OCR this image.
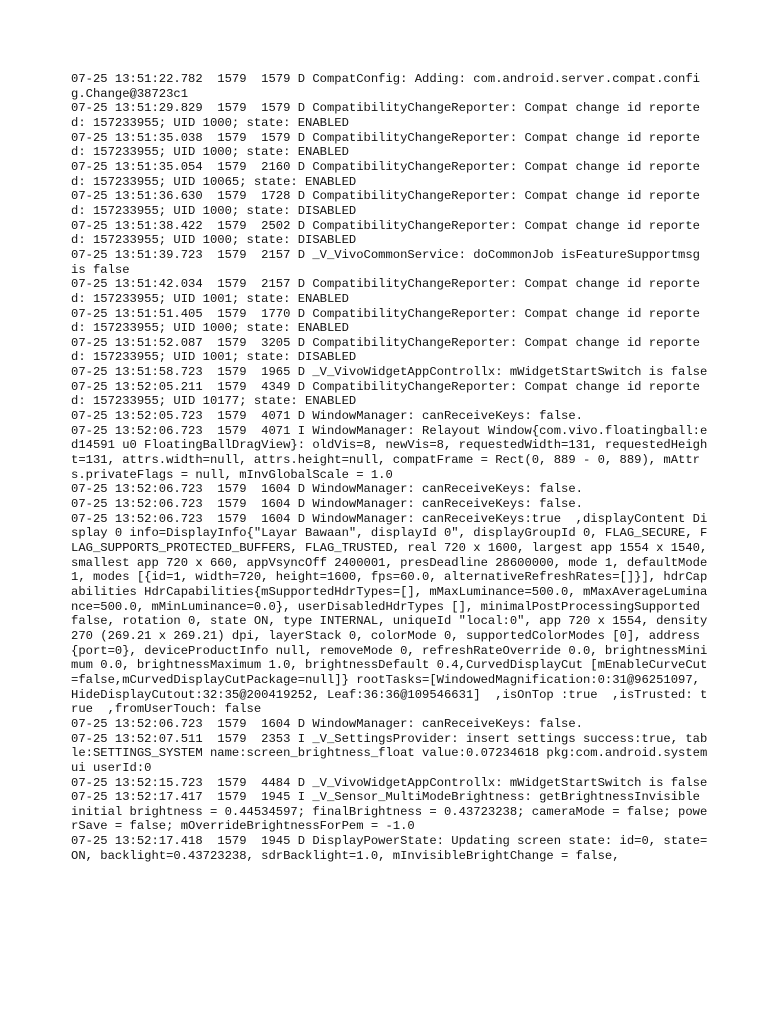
07-25 13:51:22.782  1579  1579 D CompatConfig: Adding: com.android.server.compat.config.Change@38723c1
07-25 13:51:29.829  1579  1579 D CompatibilityChangeReporter: Compat change id reported: 157233955; UID 1000; state: ENABLED
07-25 13:51:35.038  1579  1579 D CompatibilityChangeReporter: Compat change id reported: 157233955; UID 1000; state: ENABLED
07-25 13:51:35.054  1579  2160 D CompatibilityChangeReporter: Compat change id reported: 157233955; UID 10065; state: ENABLED
07-25 13:51:36.630  1579  1728 D CompatibilityChangeReporter: Compat change id reported: 157233955; UID 1000; state: DISABLED
07-25 13:51:38.422  1579  2502 D CompatibilityChangeReporter: Compat change id reported: 157233955; UID 1000; state: DISABLED
07-25 13:51:39.723  1579  2157 D _V_VivoCommonService: doCommonJob isFeatureSupportmsg is false
07-25 13:51:42.034  1579  2157 D CompatibilityChangeReporter: Compat change id reported: 157233955; UID 1001; state: ENABLED
07-25 13:51:51.405  1579  1770 D CompatibilityChangeReporter: Compat change id reported: 157233955; UID 1000; state: ENABLED
07-25 13:51:52.087  1579  3205 D CompatibilityChangeReporter: Compat change id reported: 157233955; UID 1001; state: DISABLED
07-25 13:51:58.723  1579  1965 D _V_VivoWidgetAppControllx: mWidgetStartSwitch is false
07-25 13:52:05.211  1579  4349 D CompatibilityChangeReporter: Compat change id reported: 157233955; UID 10177; state: ENABLED
07-25 13:52:05.723  1579  4071 D WindowManager: canReceiveKeys: false.
07-25 13:52:06.723  1579  4071 I WindowManager: Relayout Window{com.vivo.floatingball:ed14591 u0 FloatingBallDragView}: oldVis=8, newVis=8, requestedWidth=131, requestedHeight=131, attrs.width=null, attrs.height=null, compatFrame = Rect(0, 889 - 0, 889), mAttrs.privateFlags = null, mInvGlobalScale = 1.0
07-25 13:52:06.723  1579  1604 D WindowManager: canReceiveKeys: false.
07-25 13:52:06.723  1579  1604 D WindowManager: canReceiveKeys: false.
07-25 13:52:06.723  1579  1604 D WindowManager: canReceiveKeys:true  ,displayContent Display 0 info=DisplayInfo{"Layar Bawaan", displayId 0", displayGroupId 0, FLAG_SECURE, FLAG_SUPPORTS_PROTECTED_BUFFERS, FLAG_TRUSTED, real 720 x 1600, largest app 1554 x 1540, smallest app 720 x 660, appVsyncOff 2400001, presDeadline 28600000, mode 1, defaultMode 1, modes [{id=1, width=720, height=1600, fps=60.0, alternativeRefreshRates=[]}], hdrCapabilities HdrCapabilities{mSupportedHdrTypes=[], mMaxLuminance=500.0, mMaxAverageLuminance=500.0, mMinLuminance=0.0}, userDisabledHdrTypes [], minimalPostProcessingSupported false, rotation 0, state ON, type INTERNAL, uniqueId "local:0", app 720 x 1554, density 270 (269.21 x 269.21) dpi, layerStack 0, colorMode 0, supportedColorModes [0], address {port=0}, deviceProductInfo null, removeMode 0, refreshRateOverride 0.0, brightnessMinimum 0.0, brightnessMaximum 1.0, brightnessDefault 0.4,CurvedDisplayCut [mEnableCurveCut=false,mCurvedDisplayCutPackage=null]} rootTasks=[WindowedMagnification:0:31@96251097, HideDisplayCutout:32:35@200419252, Leaf:36:36@109546631]  ,isOnTop :true  ,isTrusted: true  ,fromUserTouch: false
07-25 13:52:06.723  1579  1604 D WindowManager: canReceiveKeys: false.
07-25 13:52:07.511  1579  2353 I _V_SettingsProvider: insert settings success:true, table:SETTINGS_SYSTEM name:screen_brightness_float value:0.07234618 pkg:com.android.systemui userId:0
07-25 13:52:15.723  1579  4484 D _V_VivoWidgetAppControllx: mWidgetStartSwitch is false
07-25 13:52:17.417  1579  1945 I _V_Sensor_MultiModeBrightness: getBrightnessInvisible initial brightness = 0.44534597; finalBrightness = 0.43723238; cameraMode = false; powerSave = false; mOverrideBrightnessForPem = -1.0
07-25 13:52:17.418  1579  1945 D DisplayPowerState: Updating screen state: id=0, state=ON, backlight=0.43723238, sdrBacklight=1.0, mInvisibleBrightChange = false,
